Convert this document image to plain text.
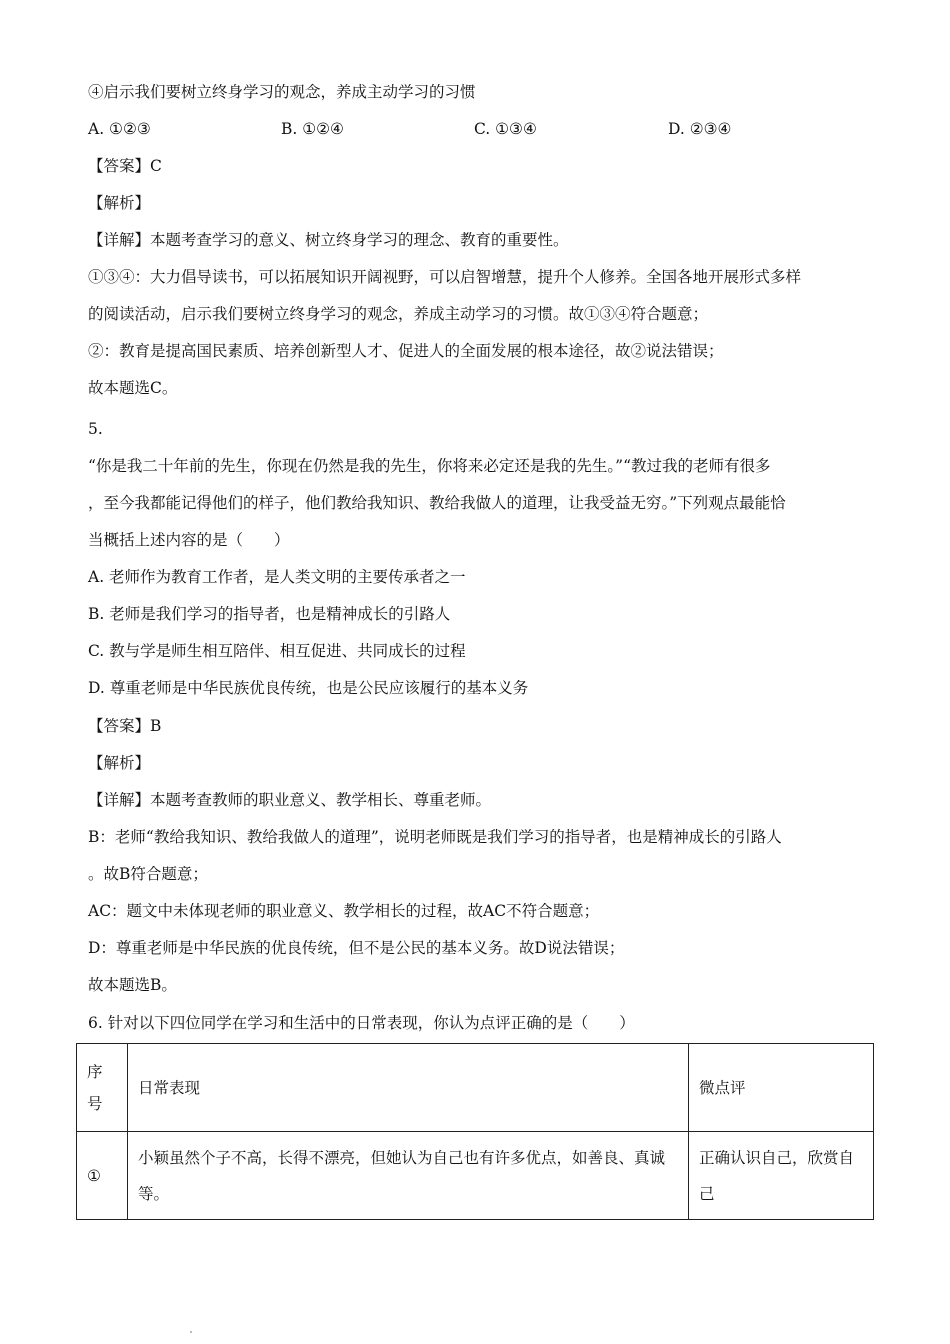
④启示我们要树立终身学习的观念，养成主动学习的习惯
A. ①②③	B. ①②④	C. ①③④	D. ②③④
【答案】C
【解析】
【详解】本题考查学习的意义、树立终身学习的理念、教育的重要性。
①③④：大力倡导读书，可以拓展知识开阔视野，可以启智增慧，提升个人修养。全国各地开展形式多样
的阅读活动，启示我们要树立终身学习的观念，养成主动学习的习惯。故①③④符合题意；
②：教育是提高国民素质、培养创新型人才、促进人的全面发展的根本途径，故②说法错误；
故本题选C。
5.
“你是我二十年前的先生，你现在仍然是我的先生，你将来必定还是我的先生。”“教过我的老师有很多
，至今我都能记得他们的样子，他们教给我知识、教给我做人的道理，让我受益无穷。”下列观点最能恰
当概括上述内容的是（　　）
A. 老师作为教育工作者，是人类文明的主要传承者之一
B. 老师是我们学习的指导者，也是精神成长的引路人
C. 教与学是师生相互陪伴、相互促进、共同成长的过程
D. 尊重老师是中华民族优良传统，也是公民应该履行的基本义务
【答案】B
【解析】
【详解】本题考查教师的职业意义、教学相长、尊重老师。
B：老师“教给我知识、教给我做人的道理”，说明老师既是我们学习的指导者，也是精神成长的引路人
。故B符合题意；
AC：题文中未体现老师的职业意义、教学相长的过程，故AC不符合题意；
D：尊重老师是中华民族的优良传统，但不是公民的基本义务。故D说法错误；
故本题选B。
6. 针对以下四位同学在学习和生活中的日常表现，你认为点评正确的是（　　）
序号	日常表现	微点评
①	小颖虽然个子不高，长得不漂亮，但她认为自己也有许多优点，如善良、真诚等。	正确认识自己，欣赏自己
